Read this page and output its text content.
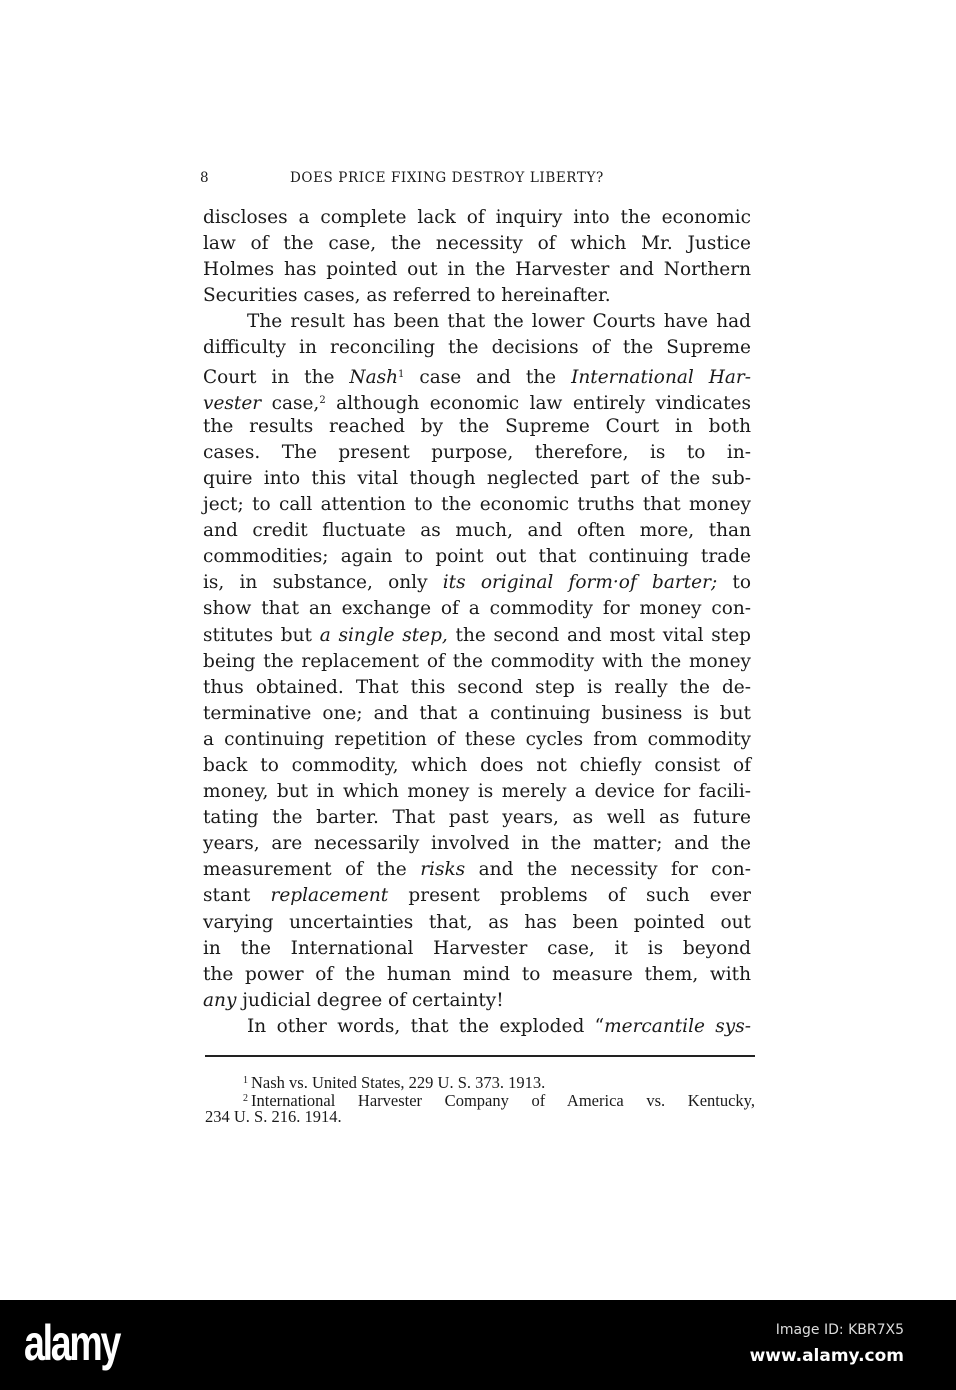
8	DOES PRICE FIXING DESTROY LIBERTY?
discloses a complete lack of inquiry into the economic
law of the case, the necessity of which Mr. Justice
Holmes has pointed out in the Harvester and Northern
Securities cases, as referred to hereinafter.
The result has been that the lower Courts have had
difficulty in reconciling the decisions of the Supreme
Court in the Nash$^1$ case and the International Har-
vester case,$^2$ although economic law entirely vindicates
the results reached by the Supreme Court in both
cases. The present purpose, therefore, is to in-
quire into this vital though neglected part of the sub-
ject; to call attention to the economic truths that money
and credit fluctuate as much, and often more, than
commodities; again to point out that continuing trade
is, in substance, only its original form·of barter; to
show that an exchange of a commodity for money con-
stitutes but a single step, the second and most vital step
being the replacement of the commodity with the money
thus obtained. That this second step is really the de-
terminative one; and that a continuing business is but
a continuing repetition of these cycles from commodity
back to commodity, which does not chiefly consist of
money, but in which money is merely a device for facili-
tating the barter. That past years, as well as future
years, are necessarily involved in the matter; and the
measurement of the risks and the necessity for con-
stant replacement present problems of such ever
varying uncertainties that, as has been pointed out
in the International Harvester case, it is beyond
the power of the human mind to measure them, with
any judicial degree of certainty!
In other words, that the exploded “mercantile sys-
$^1$ Nash vs. United States, 229 U. S. 373. 1913.
$^2$ International Harvester Company of America vs. Kentucky,
234 U. S. 216. 1914.
alamy	Image ID: KBR7X5
www.alamy.com
